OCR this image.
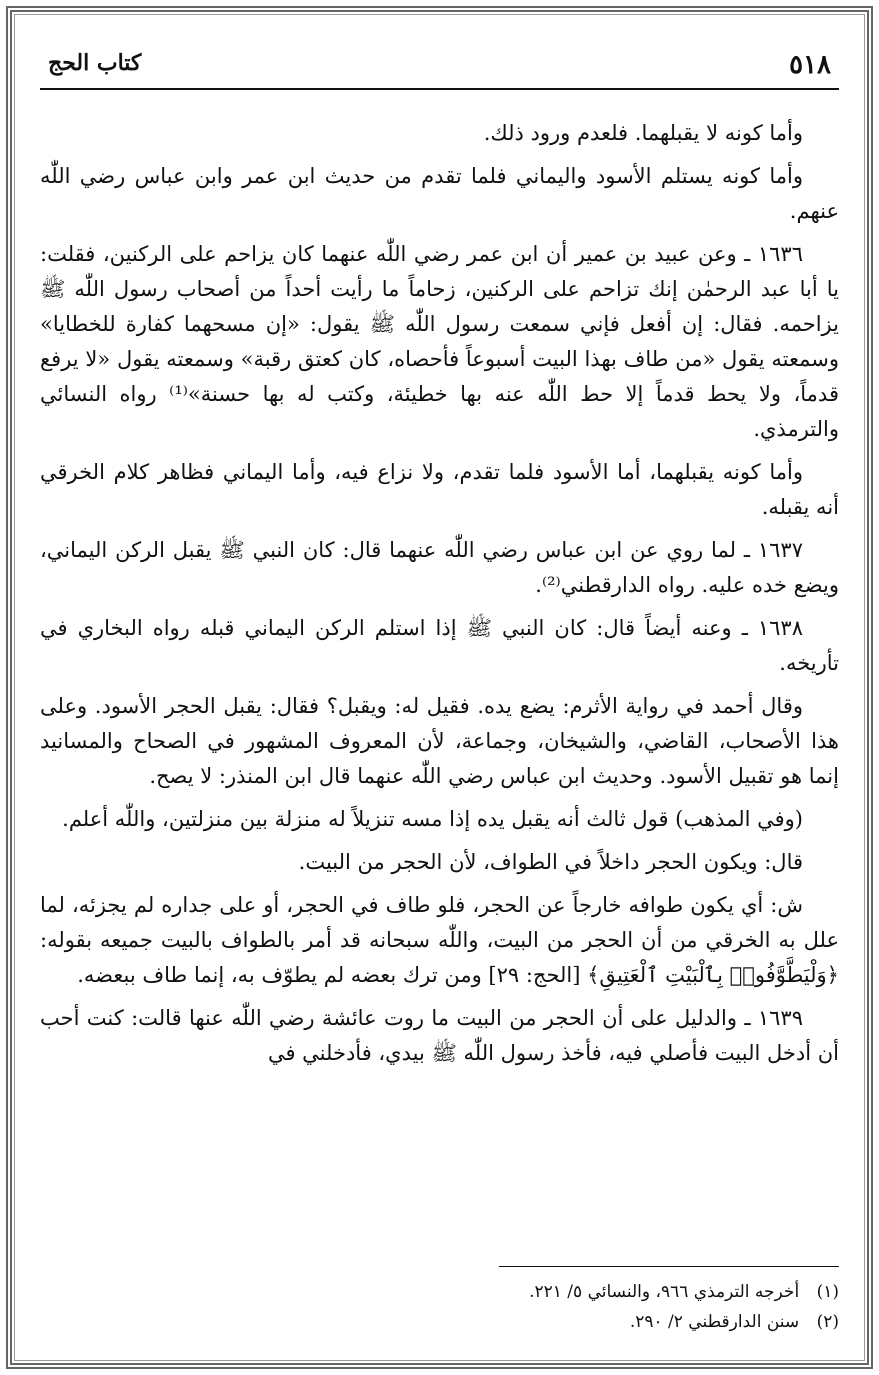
٥١٨
كتاب الحج

وأما كونه لا يقبلهما. فلعدم ورود ذلك.

وأما كونه يستلم الأسود واليماني فلما تقدم من حديث ابن عمر وابن عباس رضي اللّٰه عنهم.

١٦٣٦ ـ وعن عبيد بن عمير أن ابن عمر رضي اللّٰه عنهما كان يزاحم على الركنين، فقلت: يا أبا عبد الرحمٰن إنك تزاحم على الركنين، زحاماً ما رأيت أحداً من أصحاب رسول اللّٰه ﷺ يزاحمه. فقال: إن أفعل فإني سمعت رسول اللّٰه ﷺ يقول: «إن مسحهما كفارة للخطايا» وسمعته يقول «من طاف بهذا البيت أسبوعاً فأحصاه، كان كعتق رقبة» وسمعته يقول «لا يرفع قدماً، ولا يحط قدماً إلا حط اللّٰه عنه بها خطيئة، وكتب له بها حسنة»⁽¹⁾ رواه النسائي والترمذي.

وأما كونه يقبلهما، أما الأسود فلما تقدم، ولا نزاع فيه، وأما اليماني فظاهر كلام الخرقي أنه يقبله.

١٦٣٧ ـ لما روي عن ابن عباس رضي اللّٰه عنهما قال: كان النبي ﷺ يقبل الركن اليماني، ويضع خده عليه. رواه الدارقطني⁽²⁾.

١٦٣٨ ـ وعنه أيضاً قال: كان النبي ﷺ إذا استلم الركن اليماني قبله رواه البخاري في تأريخه.

وقال أحمد في رواية الأثرم: يضع يده. فقيل له: ويقبل؟ فقال: يقبل الحجر الأسود. وعلى هذا الأصحاب، القاضي، والشيخان، وجماعة، لأن المعروف المشهور في الصحاح والمسانيد إنما هو تقبيل الأسود. وحديث ابن عباس رضي اللّٰه عنهما قال ابن المنذر: لا يصح.

(وفي المذهب) قول ثالث أنه يقبل يده إذا مسه تنزيلاً له منزلة بين منزلتين، واللّٰه أعلم.

قال: ويكون الحجر داخلاً في الطواف، لأن الحجر من البيت.

ش: أي يكون طوافه خارجاً عن الحجر، فلو طاف في الحجر، أو على جداره لم يجزئه، لما علل به الخرقي من أن الحجر من البيت، واللّٰه سبحانه قد أمر بالطواف بالبيت جميعه بقوله: ﴿وَلْيَطَّوَّفُوا۟ بِٱلْبَيْتِ ٱلْعَتِيقِ﴾ [الحج: ٢٩] ومن ترك بعضه لم يطوّف به، إنما طاف ببعضه.

١٦٣٩ ـ والدليل على أن الحجر من البيت ما روت عائشة رضي اللّٰه عنها قالت: كنت أحب أن أدخل البيت فأصلي فيه، فأخذ رسول اللّٰه ﷺ بيدي، فأدخلني في

(١) أخرجه الترمذي ٩٦٦، والنسائي ٥/ ٢٢١.
(٢) سنن الدارقطني ٢/ ٢٩٠.
